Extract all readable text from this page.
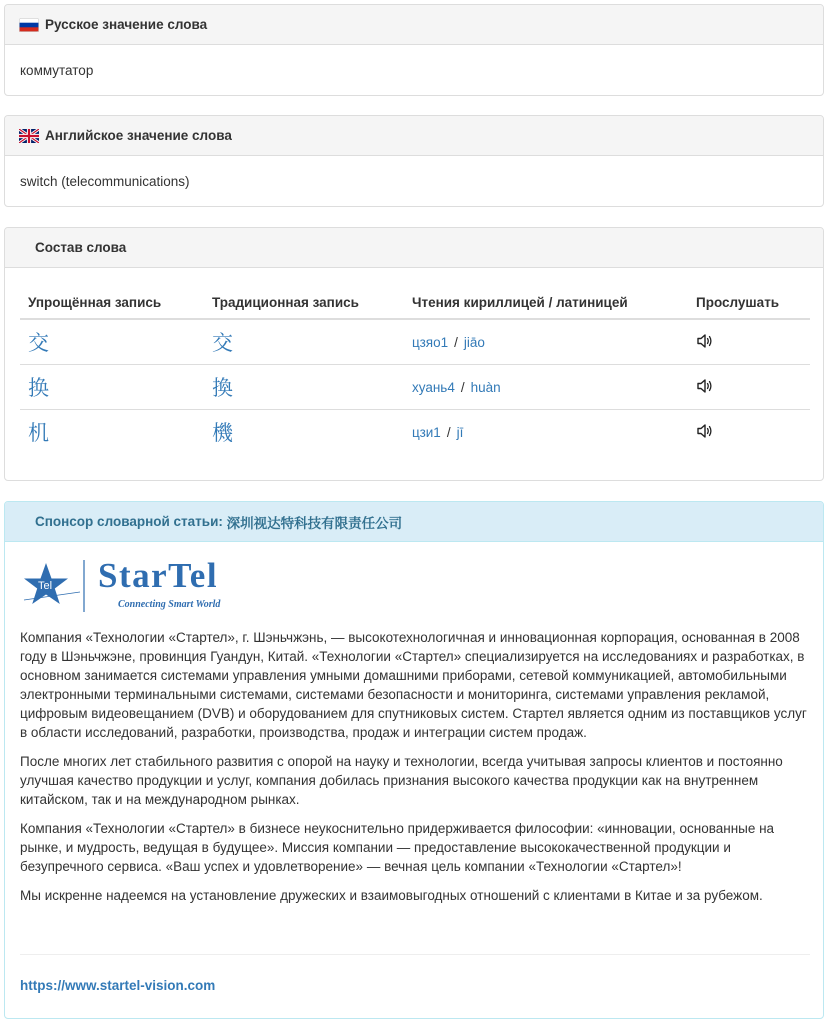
Русское значение слова
коммутатор
Английское значение слова
switch (telecommunications)
Состав слова
Упрощённая запись	Традиционная запись	Чтения кириллицей / латиницей	Прослушать
交	交	цзяо1 / jiāo	
换	換	хуань4 / huàn	
机	機	цзи1 / jī	
Спонсор словарной статьи:
深圳视达特科技有限责任公司
Tel StarTel
Connecting Smart World

Компания «Технологии «Стартел», г. Шэньчжэнь, — высокотехнологичная и инновационная корпорация, основанная в 2008 году в Шэньчжэне, провинция Гуандун, Китай. «Технологии «Стартел» специализируется на исследованиях и разработках, в основном занимается системами управления умными домашними приборами, сетевой коммуникацией, автомобильными электронными терминальными системами, системами безопасности и мониторинга, системами управления рекламой, цифровым видеовещанием (DVB) и оборудованием для спутниковых систем. Стартел является одним из поставщиков услуг в области исследований, разработки, производства, продаж и интеграции систем продаж.

После многих лет стабильного развития с опорой на науку и технологии, всегда учитывая запросы клиентов и постоянно улучшая качество продукции и услуг, компания добилась признания высокого качества продукции как на внутреннем китайском, так и на международном рынках.

Компания «Технологии «Стартел» в бизнесе неукоснительно придерживается философии: «инновации, основанные на рынке, и мудрость, ведущая в будущее». Миссия компании — предоставление высококачественной продукции и безупречного сервиса. «Ваш успех и удовлетворение» — вечная цель компании «Технологии «Стартел»!

Мы искренне надеемся на установление дружеских и взаимовыгодных отношений с клиентами в Китае и за рубежом.

https://www.startel-vision.com
